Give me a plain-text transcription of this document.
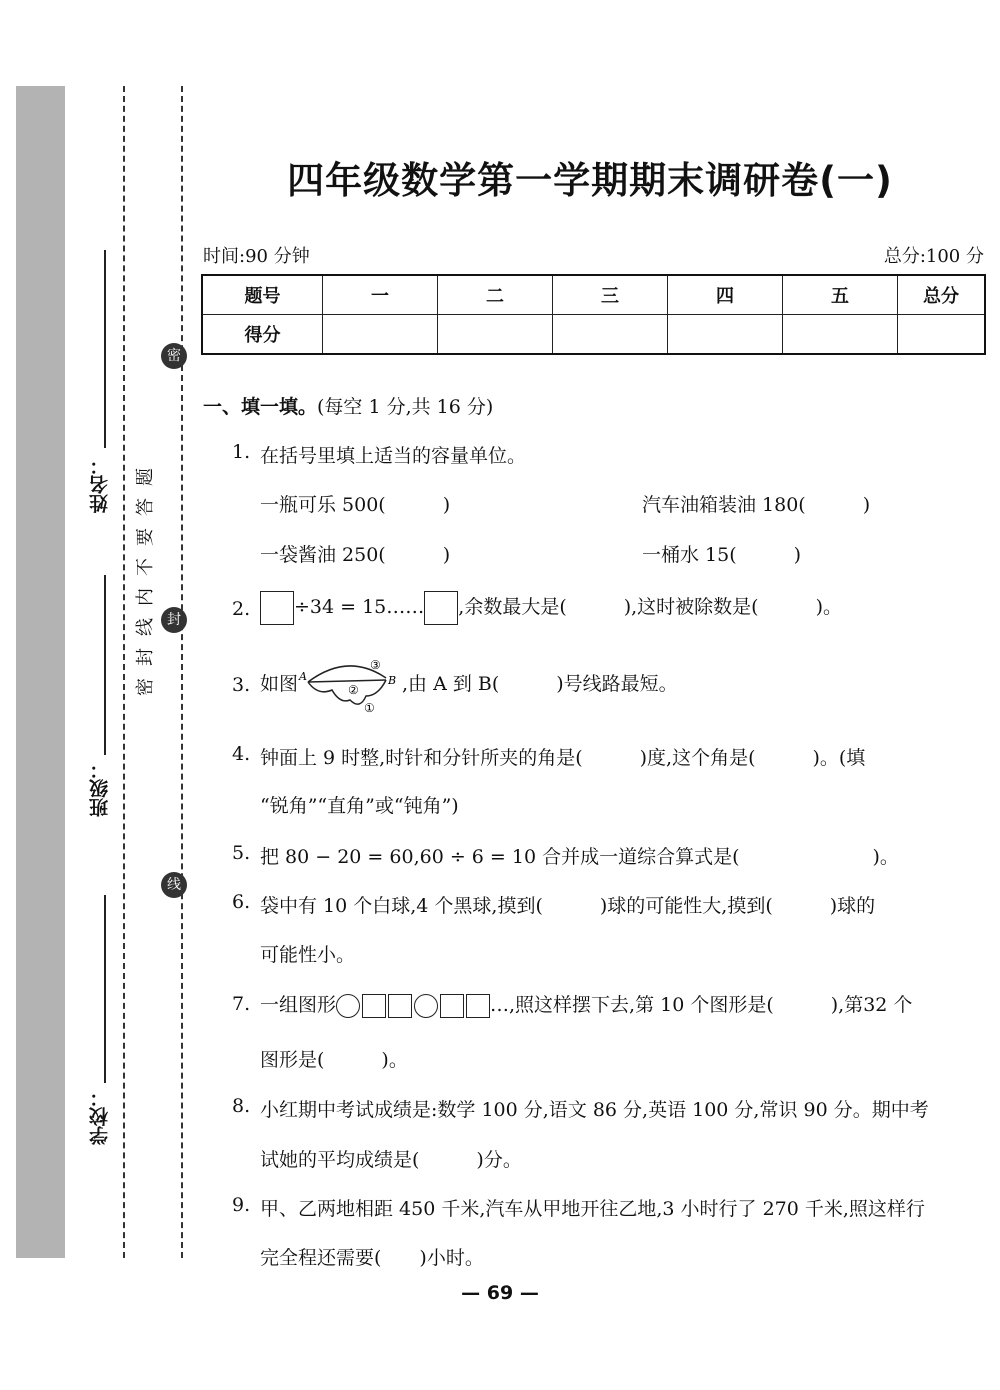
姓名：
班级：
学校：
题
答
要
不
内
线
封
密
密
封
线
四年级数学第一学期期末调研卷(一)
时间:90 分钟	总分:100 分
题号	一	二	三	四	五	总分
得分						
一、填一填。(每空 1 分,共 16 分)
1. 在括号里填上适当的容量单位。
一瓶可乐 500(　　　)	汽车油箱装油 180(　　　)
一袋酱油 250(　　　)	一桶水 15(　　　)
2.	÷34 = 15…… ,余数最大是(　　　),这时被除数是(　　　)。
3. 如图 A	B
③
②
①
,由 A 到 B(　　　)号线路最短。
4. 钟面上 9 时整,时针和分针所夹的角是(　　　)度,这个角是(　　　)。(填
“锐角”“直角”或“钝角”)
5. 把 80 − 20 = 60,60 ÷ 6 = 10 合并成一道综合算式是(　　　　　　　)。
6. 袋中有 10 个白球,4 个黑球,摸到(　　　)球的可能性大,摸到(　　　)球的
可能性小。
7. 一组图形	…,照这样摆下去,第 10 个图形是(　　　),第32 个
图形是(　　　)。
8. 小红期中考试成绩是:数学 100 分,语文 86 分,英语 100 分,常识 90 分。期中考
试她的平均成绩是(　　　)分。
9. 甲、乙两地相距 450 千米,汽车从甲地开往乙地,3 小时行了 270 千米,照这样行
完全程还需要(　　)小时。
— 69 —
